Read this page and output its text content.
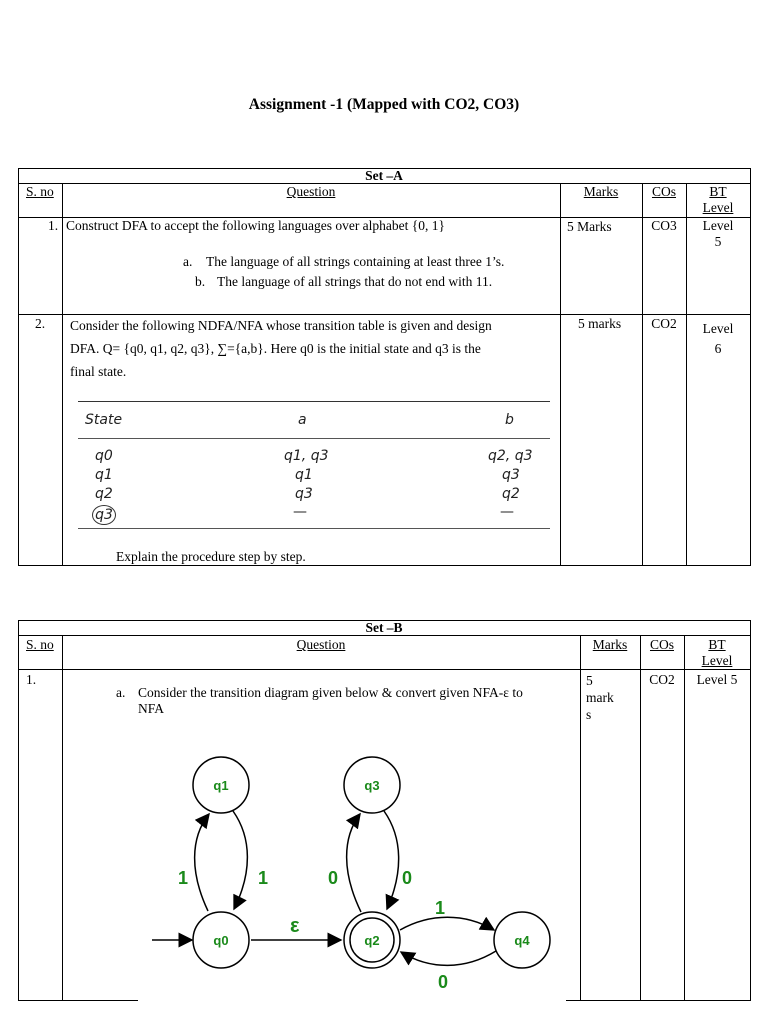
Assignment -1 (Mapped with CO2, CO3)
Set –A
S. no	Question	Marks	COs	BT
Level
1. Construct DFA to accept the following languages over alphabet {0, 1}
a. The language of all strings containing at least three 1’s.
b. The language of all strings that do not end with 11.
5 Marks	CO3	Level
5
2. Consider the following NDFA/NFA whose transition table is given and design
DFA. Q= {q0, q1, q2, q3}, ∑={a,b}. Here q0 is the initial state and q3 is the
final state.
State	a	b
q0	q1, q3	q2, q3
q1	q1	q3
q2	q3	q2
q3	—	—
Explain the procedure step by step.
5 marks	CO2	Level
6
Set –B
S. no	Question	Marks	COs	BT
Level
1.
a. Consider the transition diagram given below & convert given NFA-ε to
NFA
5
mark
s
CO2	Level 5
q1
q0
q3
q2	q4
1	1
ε
0	0
1
0
